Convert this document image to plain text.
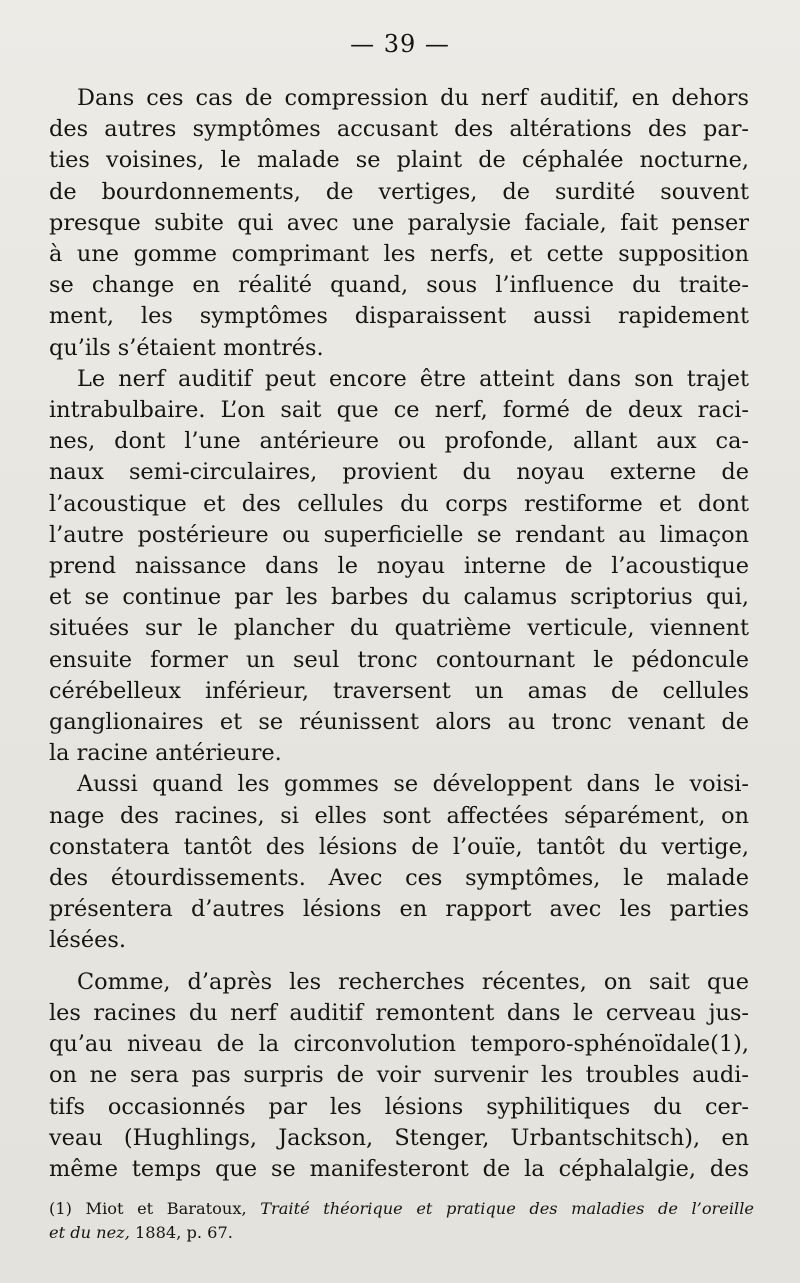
— 39 —

Dans ces cas de compression du nerf auditif, en dehors
des autres symptômes accusant des altérations des par-
ties voisines, le malade se plaint de céphalée nocturne,
de bourdonnements, de vertiges, de surdité souvent
presque subite qui avec une paralysie faciale, fait penser
à une gomme comprimant les nerfs, et cette supposition
se change en réalité quand, sous l’influence du traite-
ment, les symptômes disparaissent aussi rapidement
qu’ils s’étaient montrés.

Le nerf auditif peut encore être atteint dans son trajet
intrabulbaire. L’on sait que ce nerf, formé de deux raci-
nes, dont l’une antérieure ou profonde, allant aux ca-
naux semi-circulaires, provient du noyau externe de
l’acoustique et des cellules du corps restiforme et dont
l’autre postérieure ou superficielle se rendant au limaçon
prend naissance dans le noyau interne de l’acoustique
et se continue par les barbes du calamus scriptorius qui,
situées sur le plancher du quatrième verticule, viennent
ensuite former un seul tronc contournant le pédoncule
cérébelleux inférieur, traversent un amas de cellules
ganglionaires et se réunissent alors au tronc venant de
la racine antérieure.

Aussi quand les gommes se développent dans le voisi-
nage des racines, si elles sont affectées séparément, on
constatera tantôt des lésions de l’ouïe, tantôt du vertige,
des étourdissements. Avec ces symptômes, le malade
présentera d’autres lésions en rapport avec les parties
lésées.

Comme, d’après les recherches récentes, on sait que
les racines du nerf auditif remontent dans le cerveau jus-
qu’au niveau de la circonvolution temporo-sphénoïdale(1),
on ne sera pas surpris de voir survenir les troubles audi-
tifs occasionnés par les lésions syphilitiques du cer-
veau (Hughlings, Jackson, Stenger, Urbantschitsch), en
même temps que se manifesteront de la céphalalgie, des

(1) Miot et Baratoux, Traité théorique et pratique des maladies de l’oreille
et du nez, 1884, p. 67.
